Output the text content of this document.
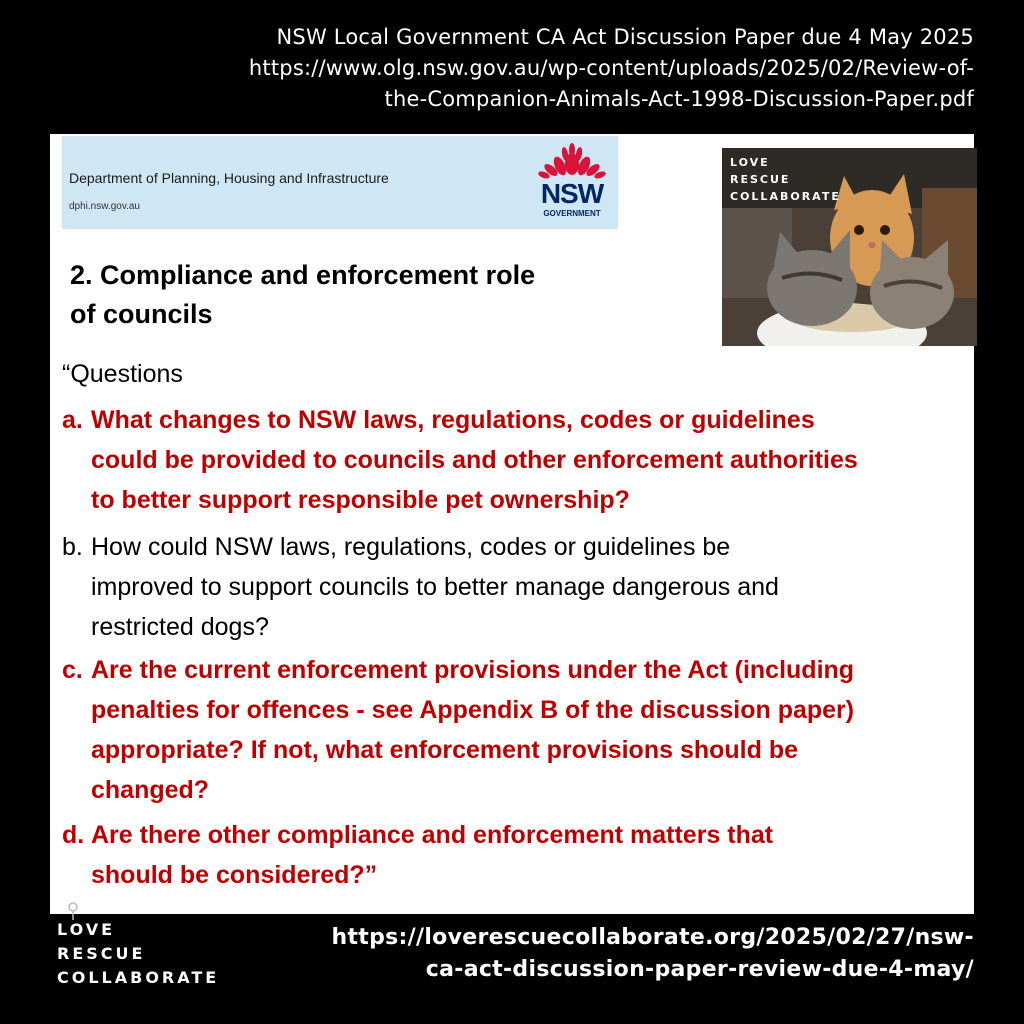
NSW Local Government CA Act Discussion Paper due 4 May 2025
https://www.olg.nsw.gov.au/wp-content/uploads/2025/02/Review-of-
the-Companion-Animals-Act-1998-Discussion-Paper.pdf
Department of Planning, Housing and Infrastructure
dphi.nsw.gov.au	NSW
GOVERNMENT
2. Compliance and enforcement role
of councils
LOVE
RESCUE
COLLABORATE
“Questions
a. What changes to NSW laws, regulations, codes or guidelines
could be provided to councils and other enforcement authorities
to better support responsible pet ownership?
b. How could NSW laws, regulations, codes or guidelines be
improved to support councils to better manage dangerous and
restricted dogs?
c. Are the current enforcement provisions under the Act (including
penalties for offences - see Appendix B of the discussion paper)
appropriate? If not, what enforcement provisions should be
changed?
d. Are there other compliance and enforcement matters that
should be considered?”
LOVE
RESCUE
COLLABORATE
https://loverescuecollaborate.org/2025/02/27/nsw-
ca-act-discussion-paper-review-due-4-may/
